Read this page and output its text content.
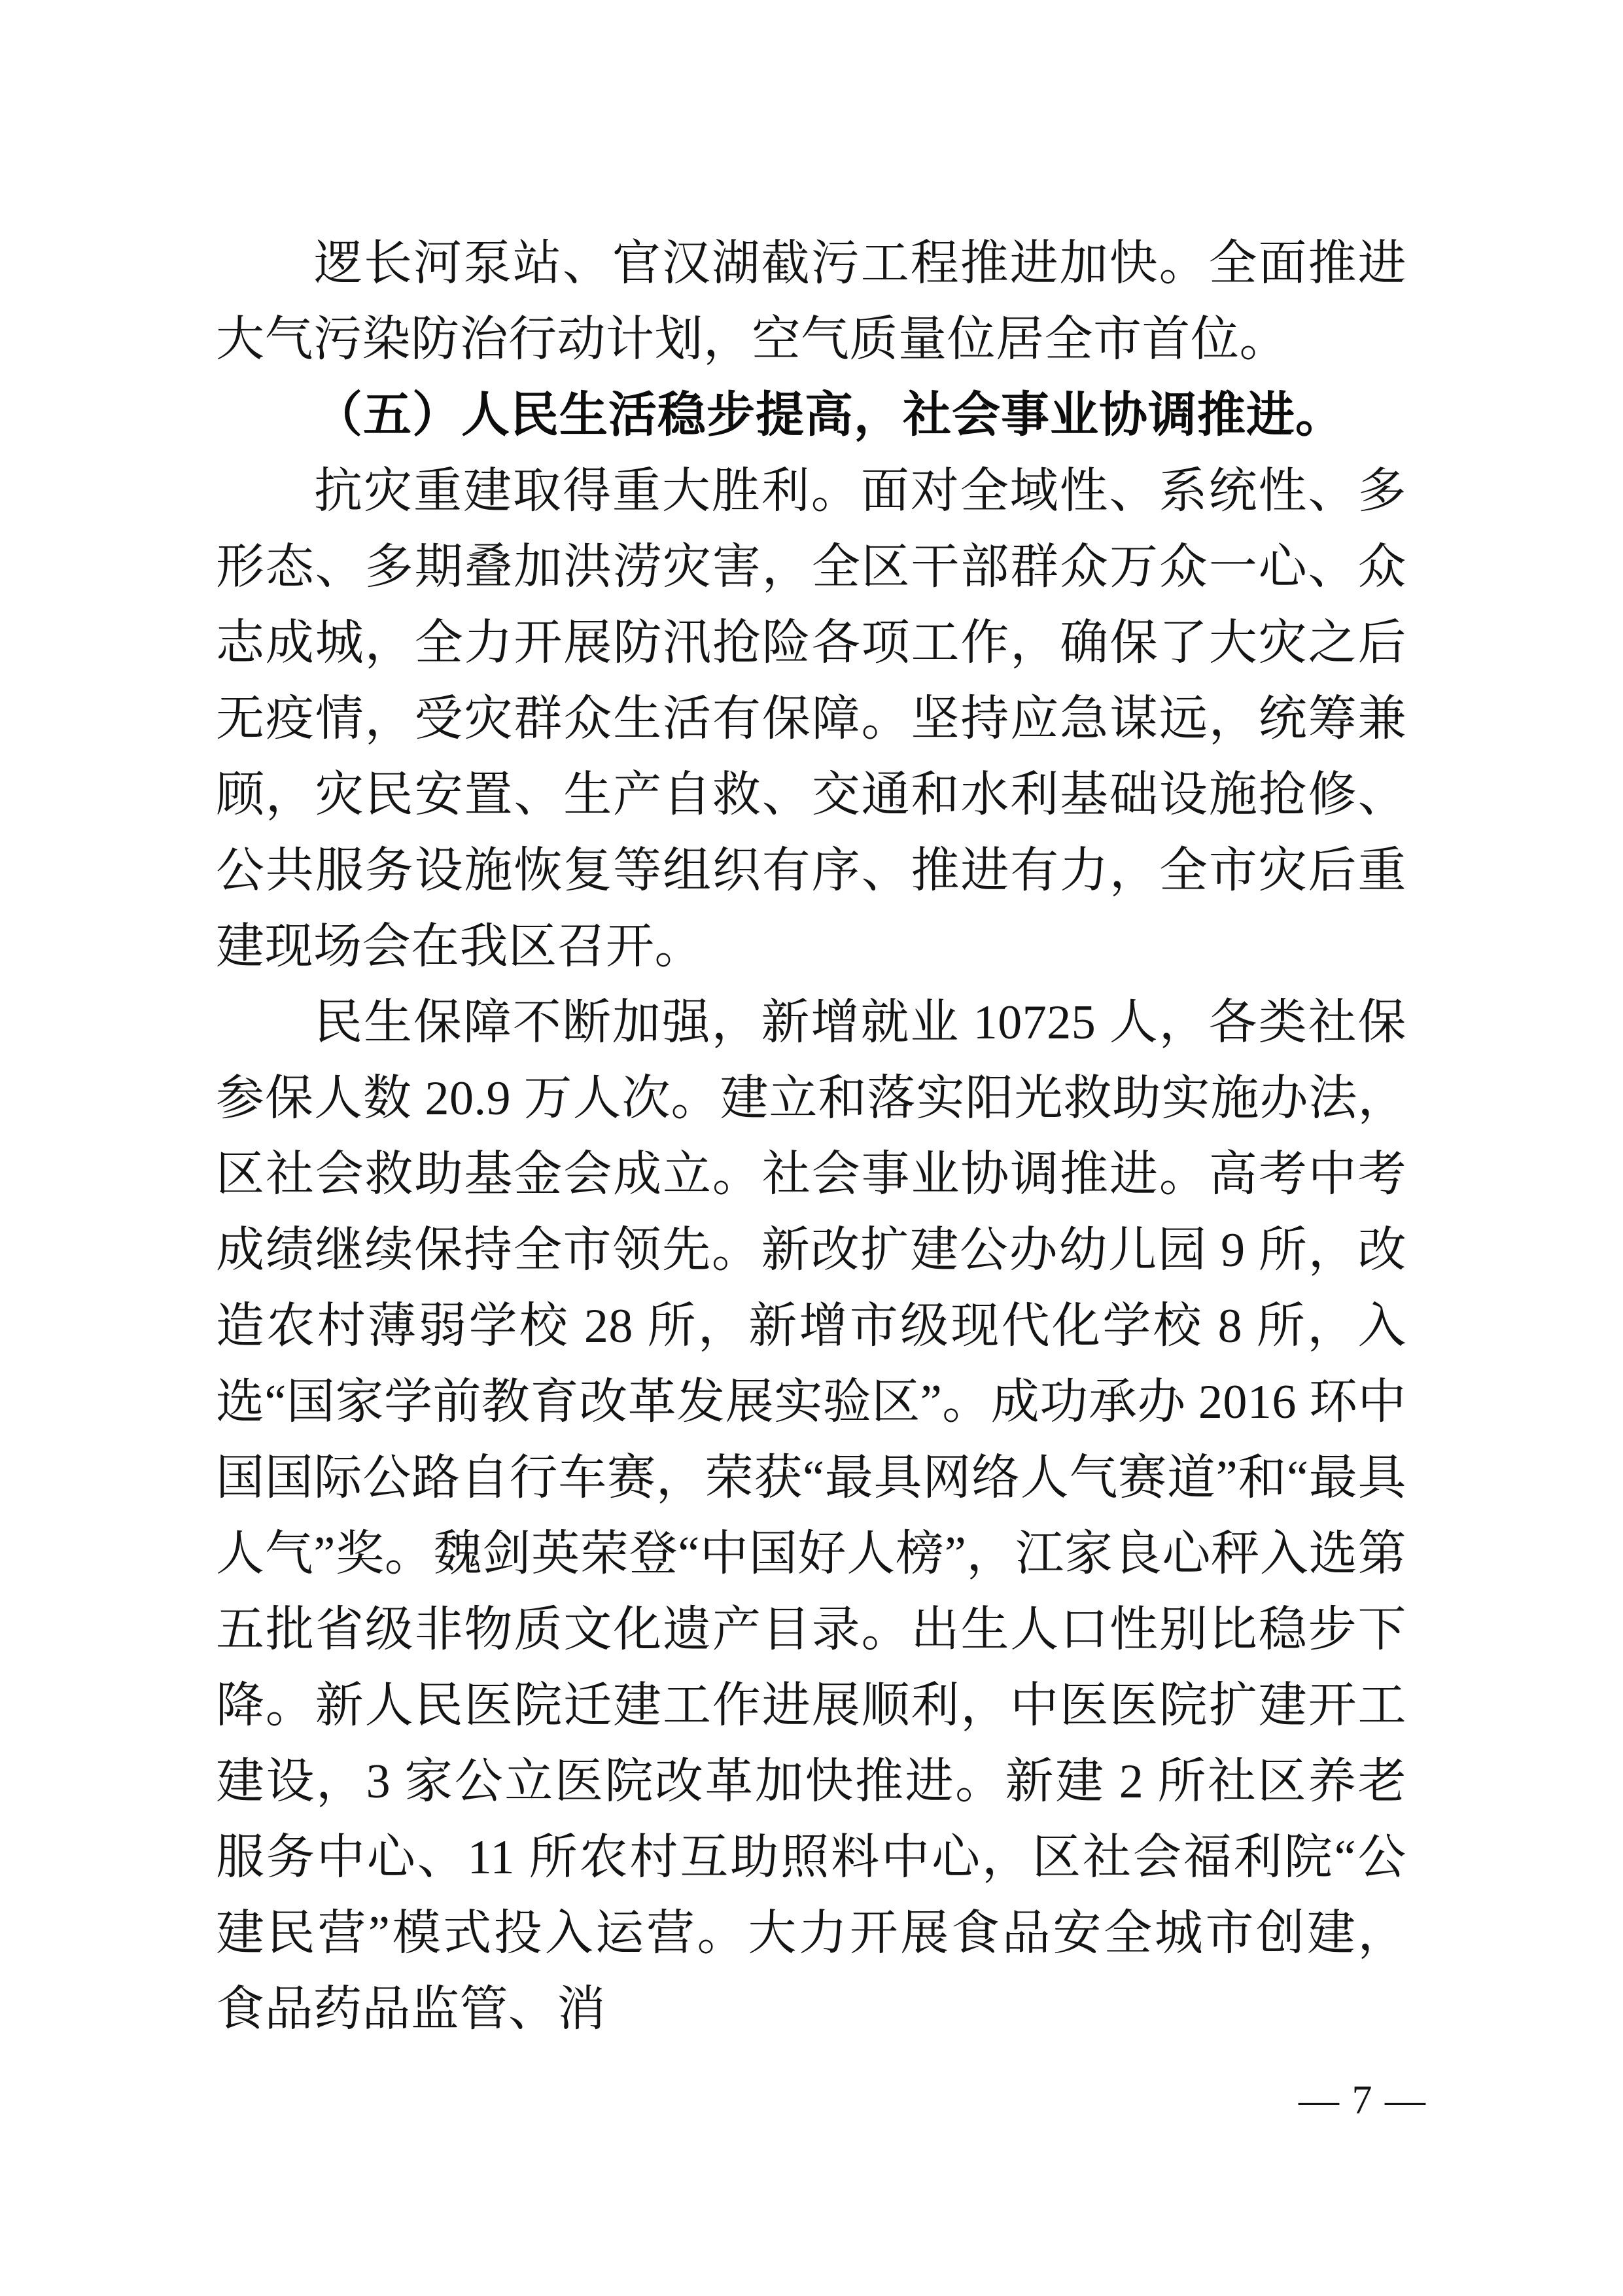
逻长河泵站、官汉湖截污工程推进加快。全面推进大气污染防治行动计划，空气质量位居全市首位。

（五）人民生活稳步提高，社会事业协调推进。

抗灾重建取得重大胜利。面对全域性、系统性、多形态、多期叠加洪涝灾害，全区干部群众万众一心、众志成城，全力开展防汛抢险各项工作，确保了大灾之后无疫情，受灾群众生活有保障。坚持应急谋远，统筹兼顾，灾民安置、生产自救、交通和水利基础设施抢修、公共服务设施恢复等组织有序、推进有力，全市灾后重建现场会在我区召开。

民生保障不断加强，新增就业 10725 人，各类社保参保人数 20.9 万人次。建立和落实阳光救助实施办法，区社会救助基金会成立。社会事业协调推进。高考中考成绩继续保持全市领先。新改扩建公办幼儿园 9 所，改造农村薄弱学校 28 所，新增市级现代化学校 8 所，入选“国家学前教育改革发展实验区”。成功承办 2016 环中国国际公路自行车赛，荣获“最具网络人气赛道”和“最具人气”奖。魏剑英荣登“中国好人榜”，江家良心秤入选第五批省级非物质文化遗产目录。出生人口性别比稳步下降。新人民医院迁建工作进展顺利，中医医院扩建开工建设，3 家公立医院改革加快推进。新建 2 所社区养老服务中心、11 所农村互助照料中心，区社会福利院“公建民营”模式投入运营。大力开展食品安全城市创建，食品药品监管、消

— 7 —
